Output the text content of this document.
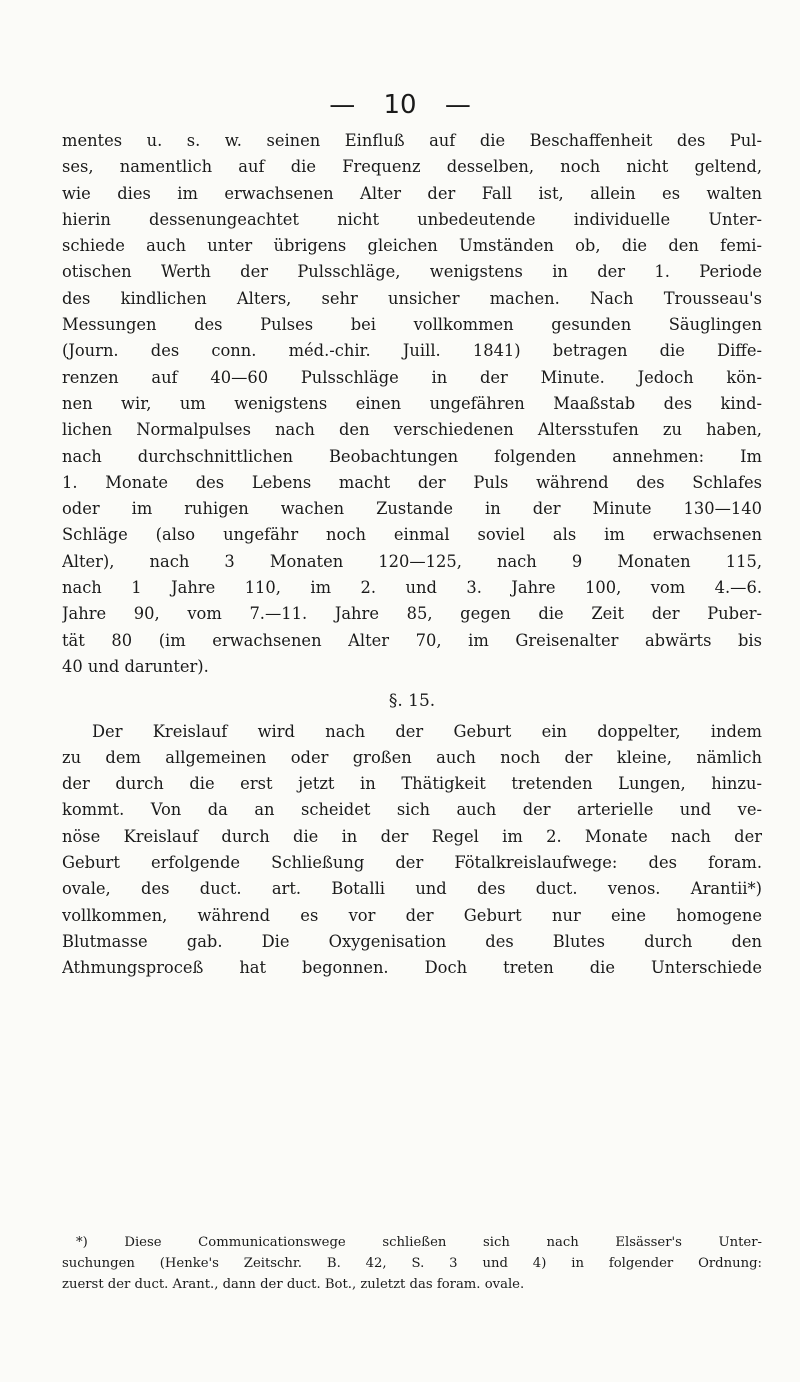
— 10 —
mentes u. s. w. seinen Einfluß auf die Beschaffenheit des Pul-
ses, namentlich auf die Frequenz desselben, noch nicht geltend,
wie dies im erwachsenen Alter der Fall ist, allein es walten
hierin dessenungeachtet nicht unbedeutende individuelle Unter-
schiede auch unter übrigens gleichen Umständen ob, die den femi-
otischen Werth der Pulsschläge, wenigstens in der 1. Periode
des kindlichen Alters, sehr unsicher machen. Nach Trousseau's
Messungen des Pulses bei vollkommen gesunden Säuglingen
(Journ. des conn. méd.-chir. Juill. 1841) betragen die Diffe-
renzen auf 40—60 Pulsschläge in der Minute. Jedoch kön-
nen wir, um wenigstens einen ungefähren Maaßstab des kind-
lichen Normalpulses nach den verschiedenen Altersstufen zu haben,
nach durchschnittlichen Beobachtungen folgenden annehmen: Im
1. Monate des Lebens macht der Puls während des Schlafes
oder im ruhigen wachen Zustande in der Minute 130—140
Schläge (also ungefähr noch einmal soviel als im erwachsenen
Alter), nach 3 Monaten 120—125, nach 9 Monaten 115,
nach 1 Jahre 110, im 2. und 3. Jahre 100, vom 4.—6.
Jahre 90, vom 7.—11. Jahre 85, gegen die Zeit der Puber-
tät 80 (im erwachsenen Alter 70, im Greisenalter abwärts bis
40 und darunter).
§. 15.
Der Kreislauf wird nach der Geburt ein doppelter, indem
zu dem allgemeinen oder großen auch noch der kleine, nämlich
der durch die erst jetzt in Thätigkeit tretenden Lungen, hinzu-
kommt. Von da an scheidet sich auch der arterielle und ve-
nöse Kreislauf durch die in der Regel im 2. Monate nach der
Geburt erfolgende Schließung der Fötalkreislaufwege: des foram.
ovale, des duct. art. Botalli und des duct. venos. Arantii*)
vollkommen, während es vor der Geburt nur eine homogene
Blutmasse gab. Die Oxygenisation des Blutes durch den
Athmungsproceß hat begonnen. Doch treten die Unterschiede
*) Diese Communicationswege schließen sich nach Elsässer's Unter-
suchungen (Henke's Zeitschr. B. 42, S. 3 und 4) in folgender Ordnung:
zuerst der duct. Arant., dann der duct. Bot., zuletzt das foram. ovale.
